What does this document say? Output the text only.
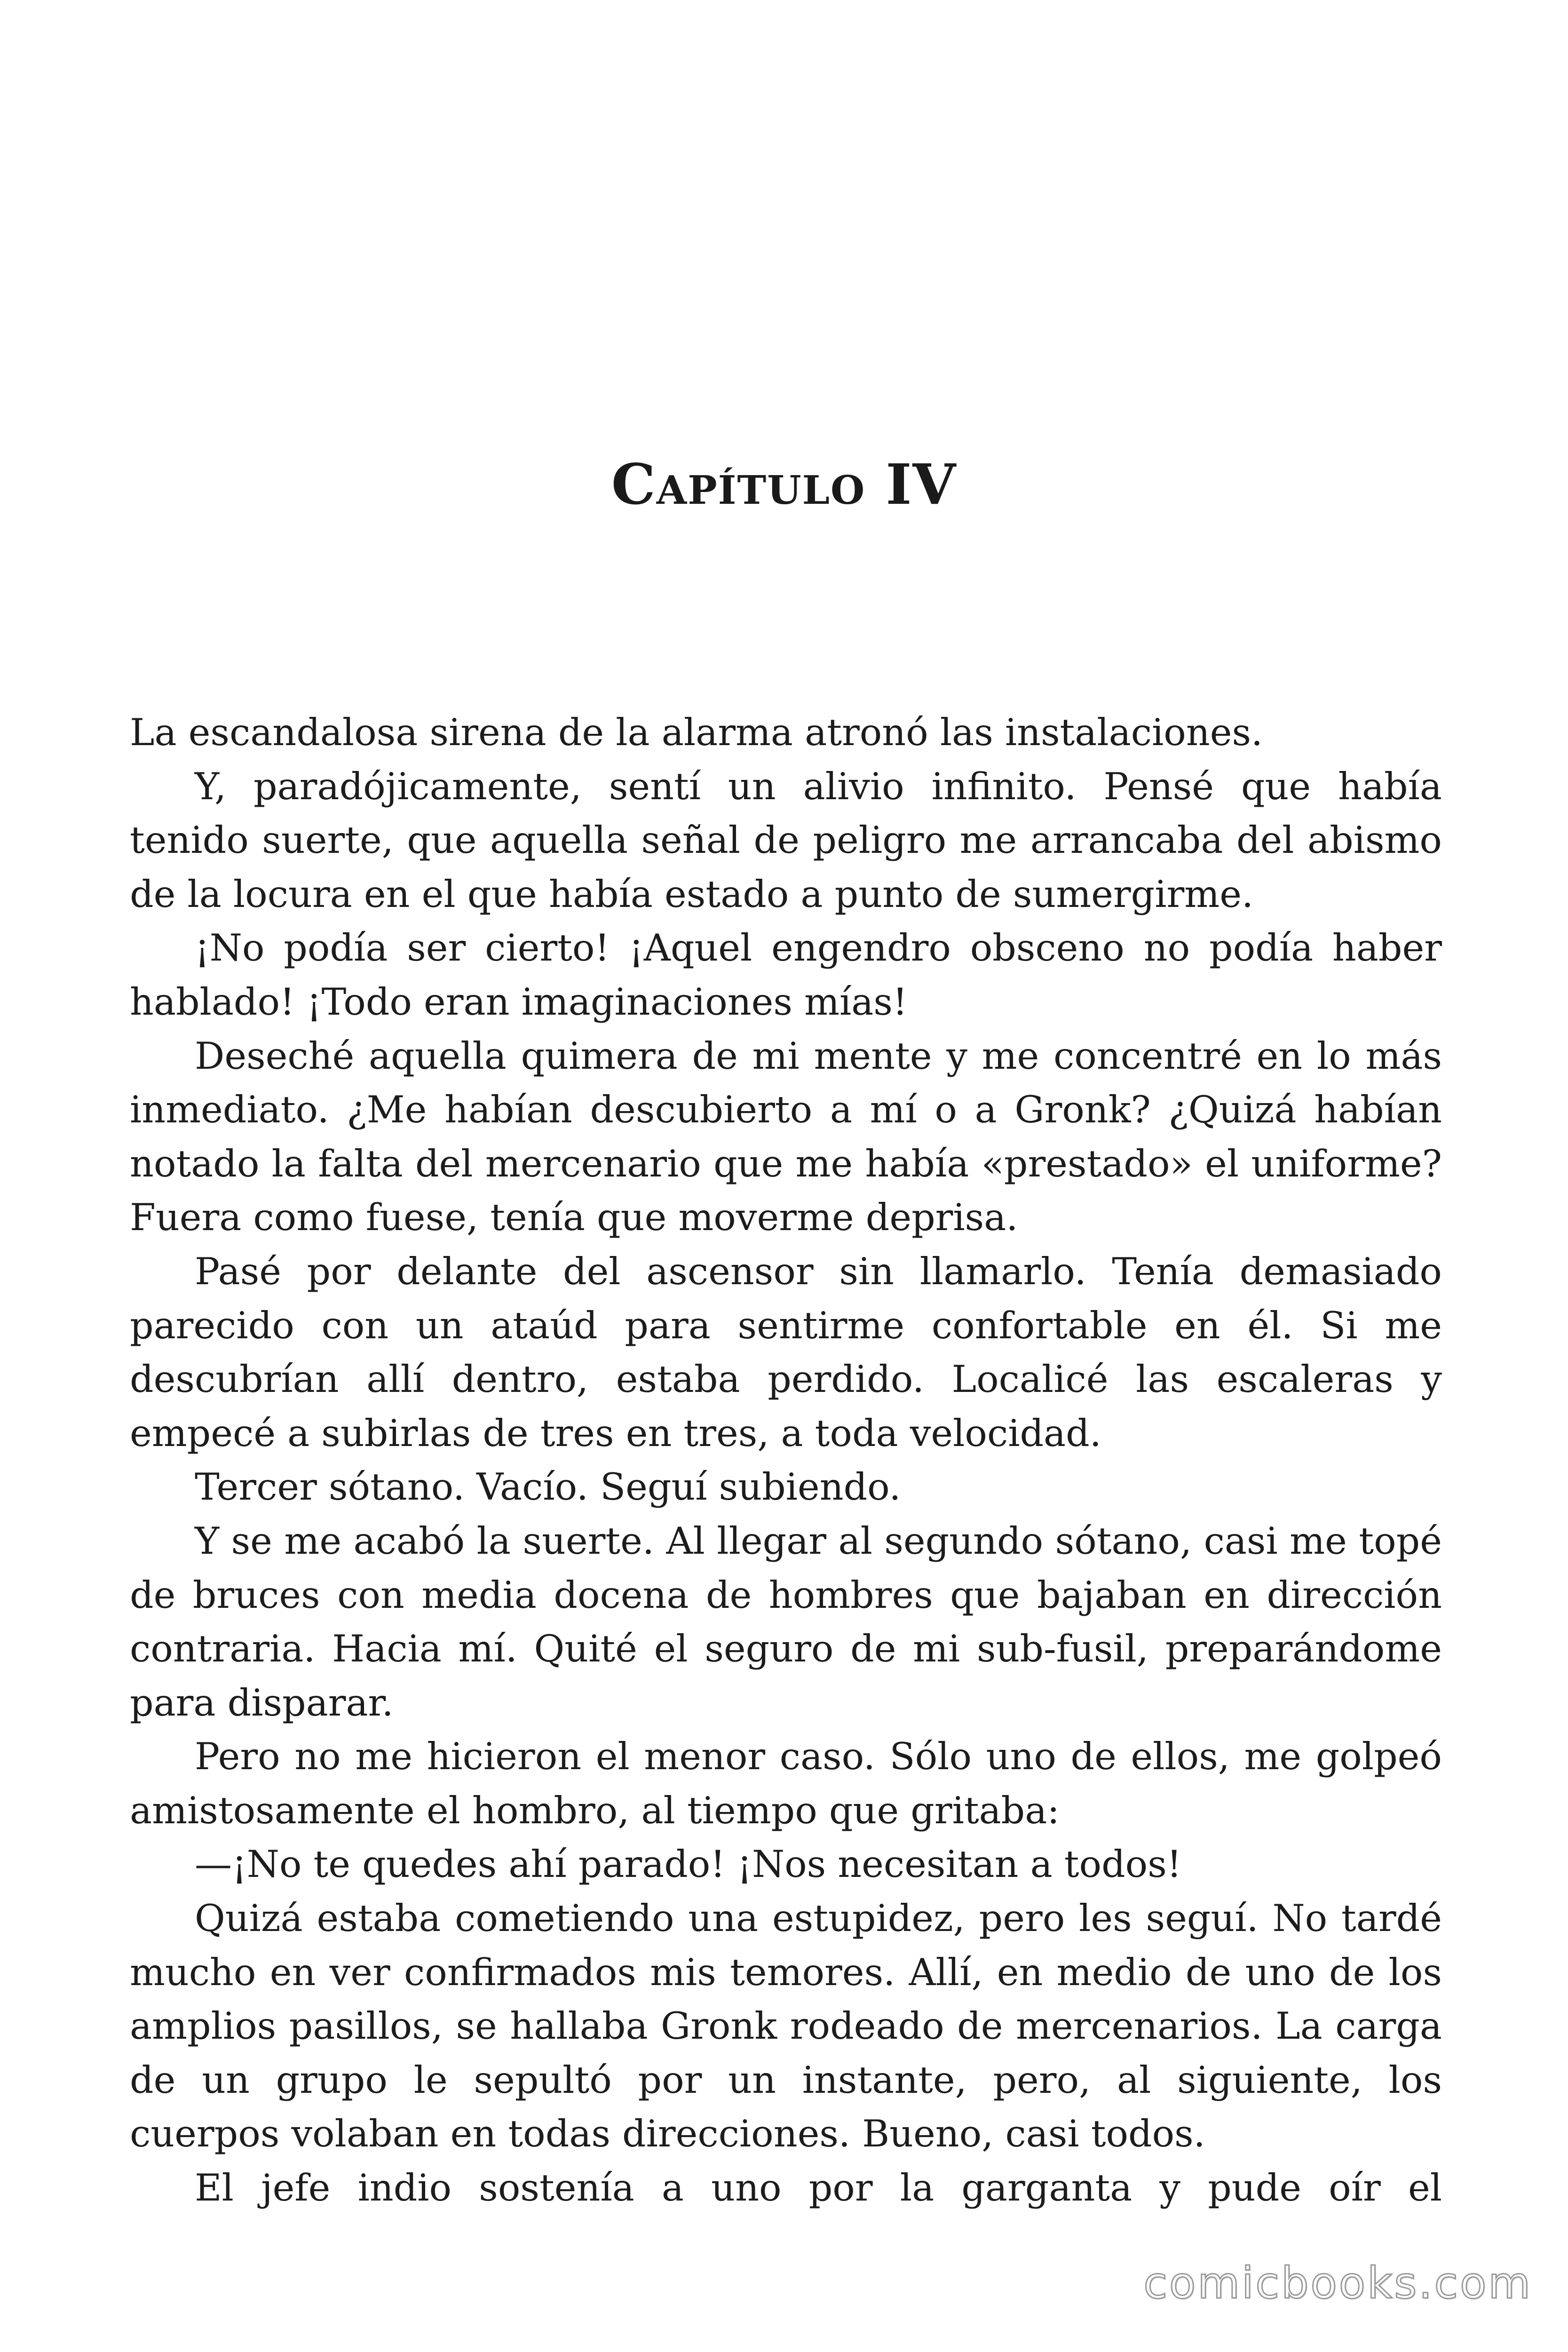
Capítulo IV

La escandalosa sirena de la alarma atronó las instalaciones.

Y, paradójicamente, sentí un alivio infinito. Pensé que había tenido suerte, que aquella señal de peligro me arrancaba del abismo de la locura en el que había estado a punto de sumergirme.

¡No podía ser cierto! ¡Aquel engendro obsceno no podía haber hablado! ¡Todo eran imaginaciones mías!

Deseché aquella quimera de mi mente y me concentré en lo más inmediato. ¿Me habían descubierto a mí o a Gronk? ¿Quizá habían notado la falta del mercenario que me había «prestado» el uniforme? Fuera como fuese, tenía que moverme deprisa.

Pasé por delante del ascensor sin llamarlo. Tenía demasiado parecido con un ataúd para sentirme confortable en él. Si me descubrían allí dentro, estaba perdido. Localicé las escaleras y empecé a subirlas de tres en tres, a toda velocidad.

Tercer sótano. Vacío. Seguí subiendo.

Y se me acabó la suerte. Al llegar al segundo sótano, casi me topé de bruces con media docena de hombres que bajaban en dirección contraria. Hacia mí. Quité el seguro de mi sub-fusil, preparándome para disparar.

Pero no me hicieron el menor caso. Sólo uno de ellos, me golpeó amistosamente el hombro, al tiempo que gritaba:

—¡No te quedes ahí parado! ¡Nos necesitan a todos!

Quizá estaba cometiendo una estupidez, pero les seguí. No tardé mucho en ver confirmados mis temores. Allí, en medio de uno de los amplios pasillos, se hallaba Gronk rodeado de mercenarios. La carga de un grupo le sepultó por un instante, pero, al siguiente, los cuerpos volaban en todas direcciones. Bueno, casi todos.

El jefe indio sostenía a uno por la garganta y pude oír el

comicbooks.com
